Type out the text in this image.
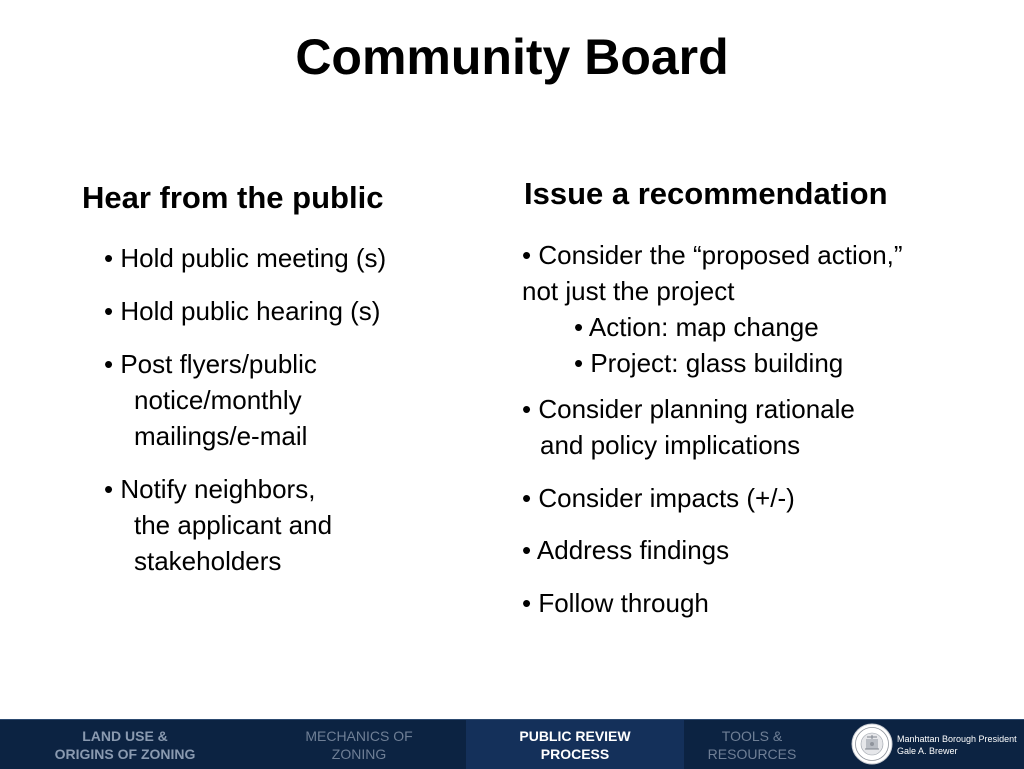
Community Board
Hear from the public
• Hold public meeting (s)
• Hold public hearing (s)
• Post flyers/public
notice/monthly
mailings/e-mail
• Notify neighbors,
the applicant and
stakeholders
Issue a recommendation
• Consider the “proposed action,”
not just the project
• Action: map change
• Project: glass building
• Consider planning rationale
and policy implications
• Consider impacts (+/-)
• Address findings
• Follow through
LAND USE &
ORIGINS OF ZONING
MECHANICS OF
ZONING
PUBLIC REVIEW
PROCESS
TOOLS &
RESOURCES
Manhattan Borough President
Gale A. Brewer
